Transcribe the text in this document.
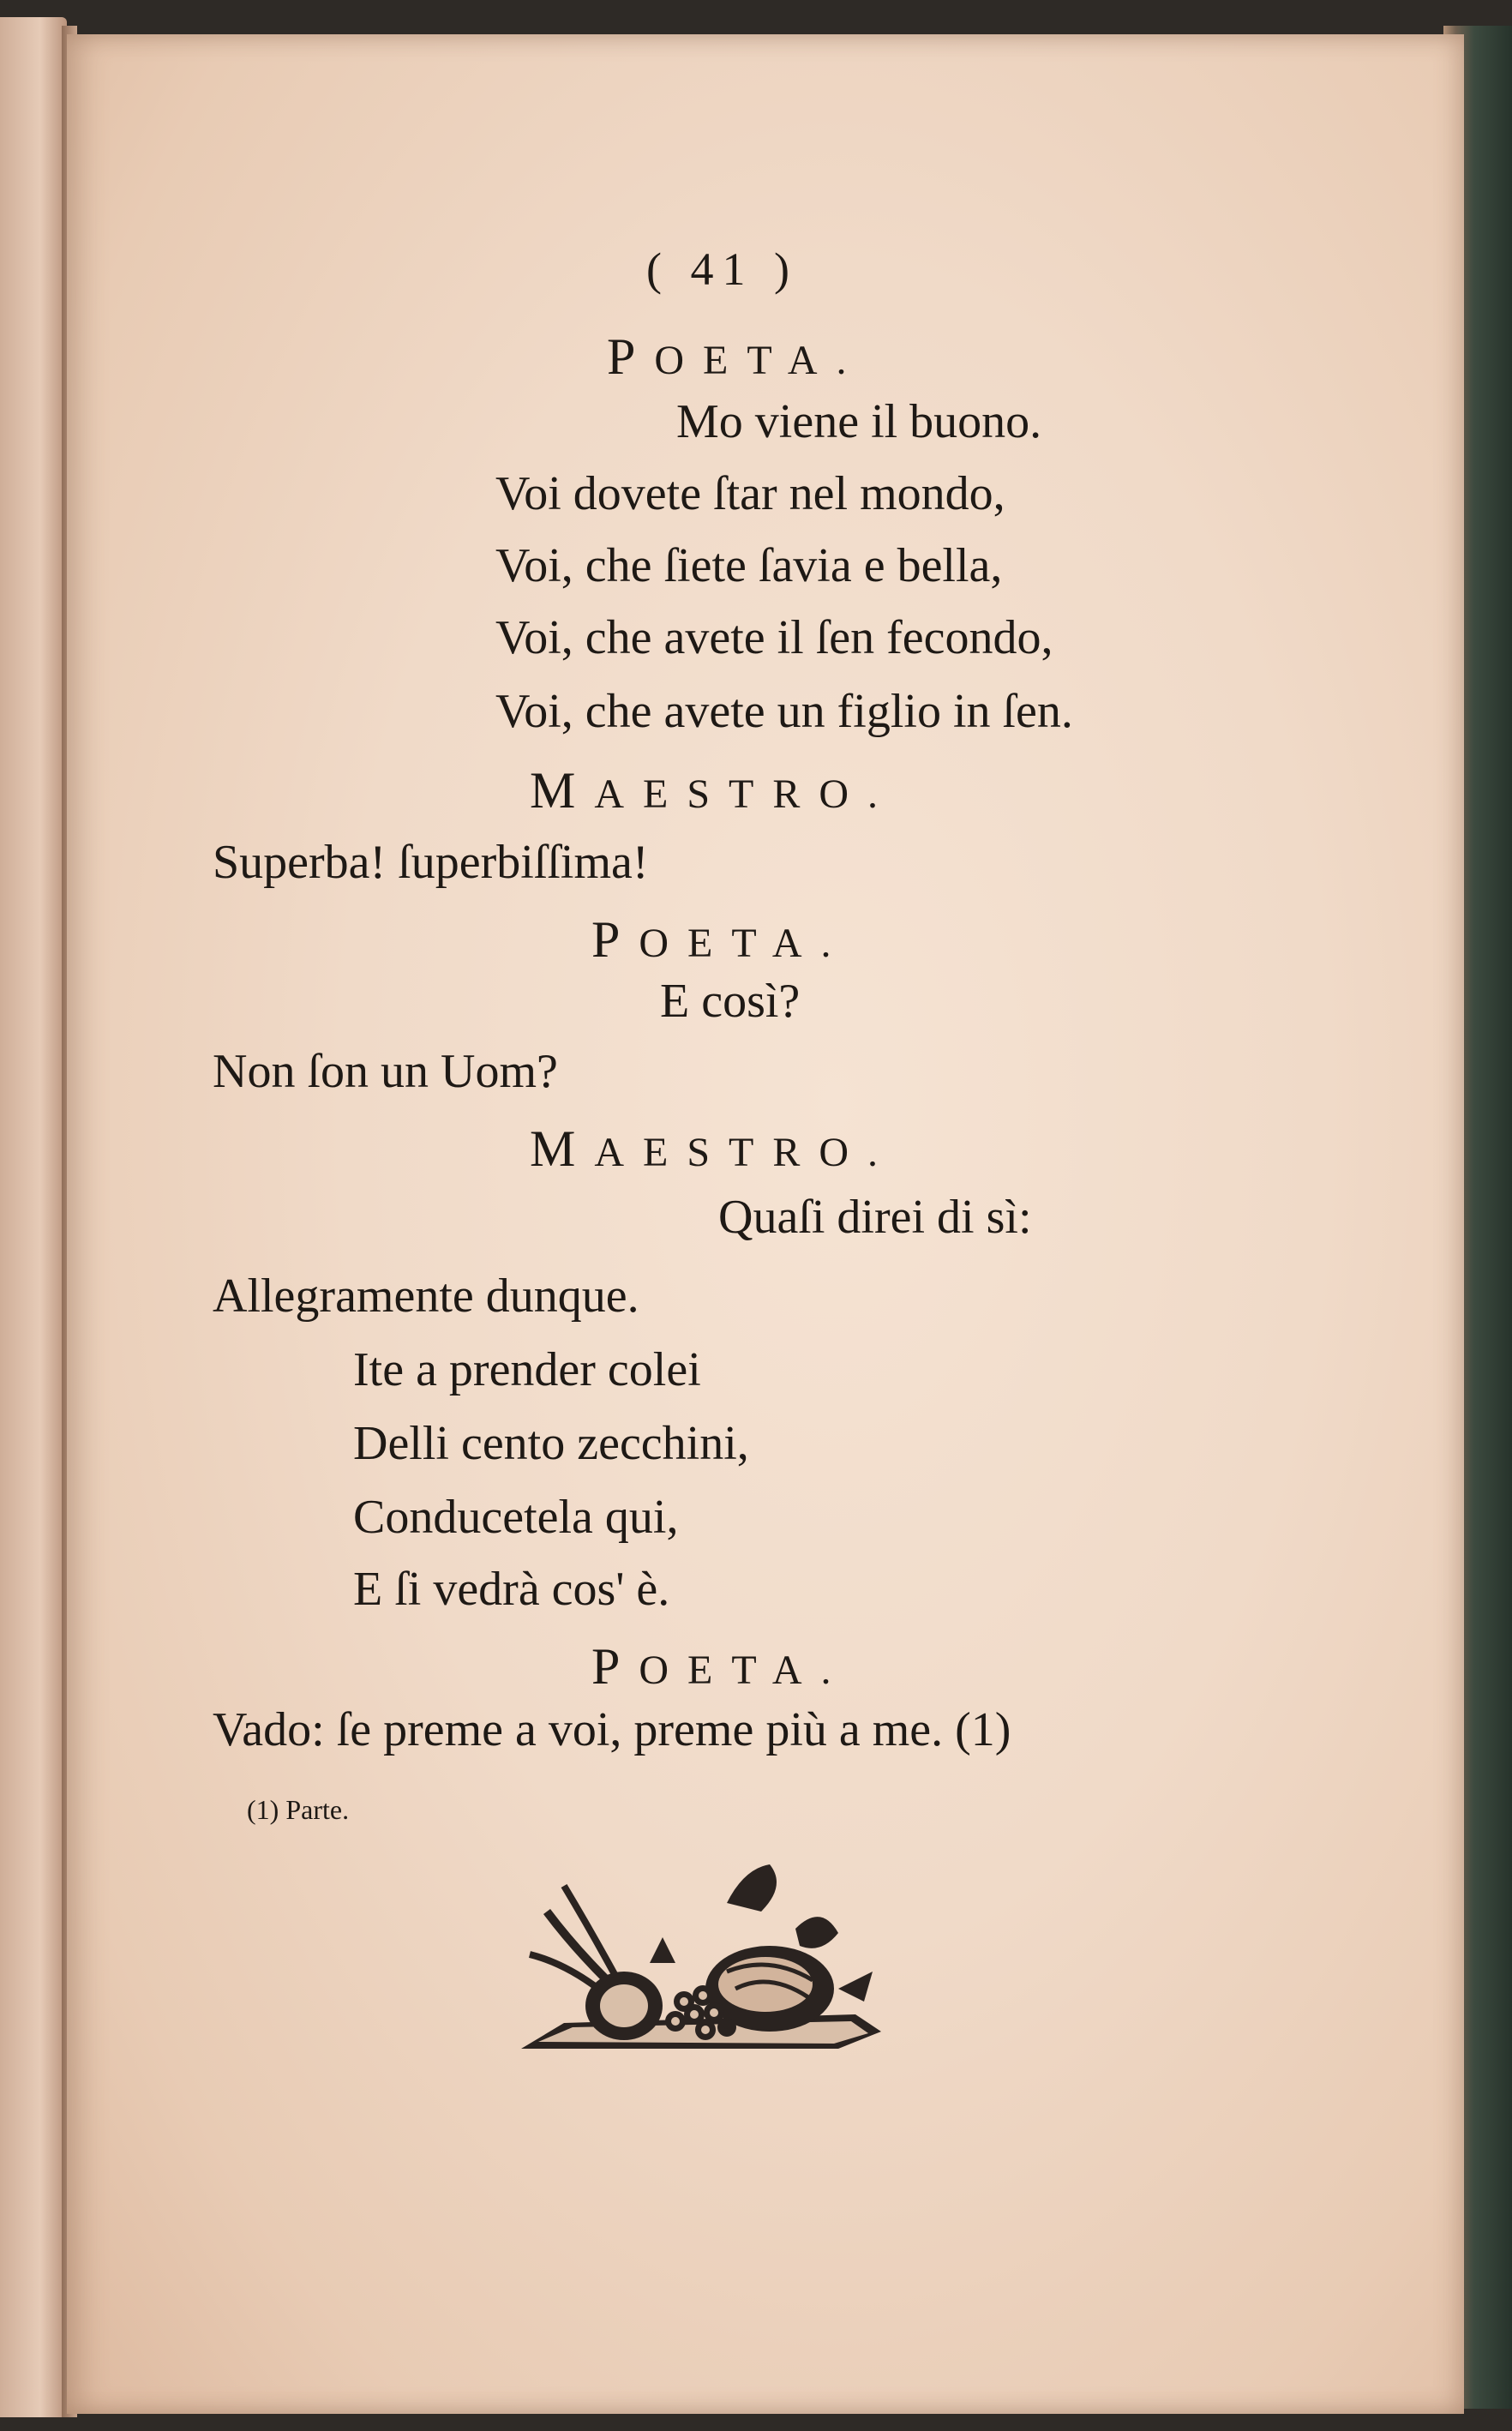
( 41 )
POETA.
Mo viene il buono.
Voi dovete ſtar nel mondo,
Voi, che ſiete ſavia e bella,
Voi, che avete il ſen fecondo,
Voi, che avete un figlio in ſen.
MAESTRO.
Superba! ſuperbiſſima!
POETA.
E così?
Non ſon un Uom?
MAESTRO.
Quaſi direi di sì:
Allegramente dunque.
Ite a prender colei
Delli cento zecchini,
Conducetela qui,
E ſi vedrà cos' è.
POETA.
Vado: ſe preme a voi, preme più a me. (1)
(1) Parte.
